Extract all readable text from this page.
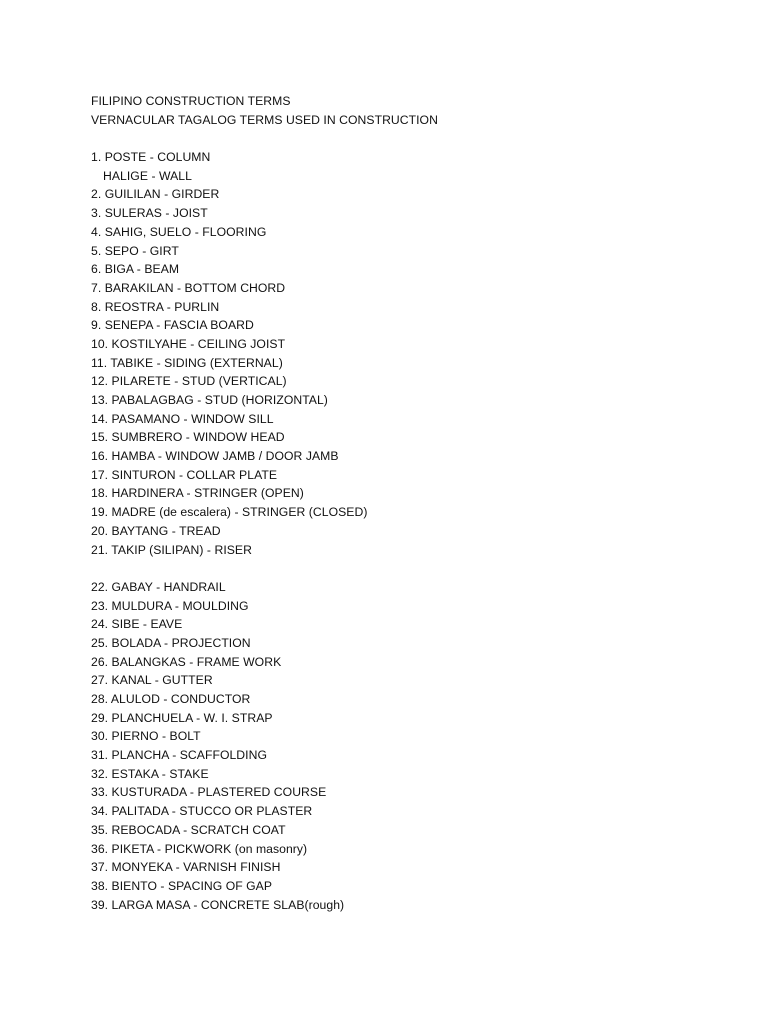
FILIPINO CONSTRUCTION TERMS
VERNACULAR TAGALOG TERMS USED IN CONSTRUCTION
1. POSTE - COLUMN
HALIGE - WALL
2. GUILILAN - GIRDER
3. SULERAS - JOIST
4. SAHIG, SUELO - FLOORING
5. SEPO - GIRT
6. BIGA - BEAM
7. BARAKILAN - BOTTOM CHORD
8. REOSTRA - PURLIN
9. SENEPA - FASCIA BOARD
10. KOSTILYAHE - CEILING JOIST
11. TABIKE - SIDING (EXTERNAL)
12. PILARETE - STUD (VERTICAL)
13. PABALAGBAG - STUD (HORIZONTAL)
14. PASAMANO - WINDOW SILL
15. SUMBRERO - WINDOW HEAD
16. HAMBA - WINDOW JAMB / DOOR JAMB
17. SINTURON - COLLAR PLATE
18. HARDINERA - STRINGER (OPEN)
19. MADRE (de escalera) - STRINGER (CLOSED)
20. BAYTANG - TREAD
21. TAKIP (SILIPAN) - RISER
22. GABAY - HANDRAIL
23. MULDURA - MOULDING
24. SIBE - EAVE
25. BOLADA - PROJECTION
26. BALANGKAS - FRAME WORK
27. KANAL - GUTTER
28. ALULOD - CONDUCTOR
29. PLANCHUELA - W. I. STRAP
30. PIERNO - BOLT
31. PLANCHA - SCAFFOLDING
32. ESTAKA - STAKE
33. KUSTURADA - PLASTERED COURSE
34. PALITADA - STUCCO OR PLASTER
35. REBOCADA - SCRATCH COAT
36. PIKETA - PICKWORK (on masonry)
37. MONYEKA - VARNISH FINISH
38. BIENTO - SPACING OF GAP
39. LARGA MASA - CONCRETE SLAB(rough)
